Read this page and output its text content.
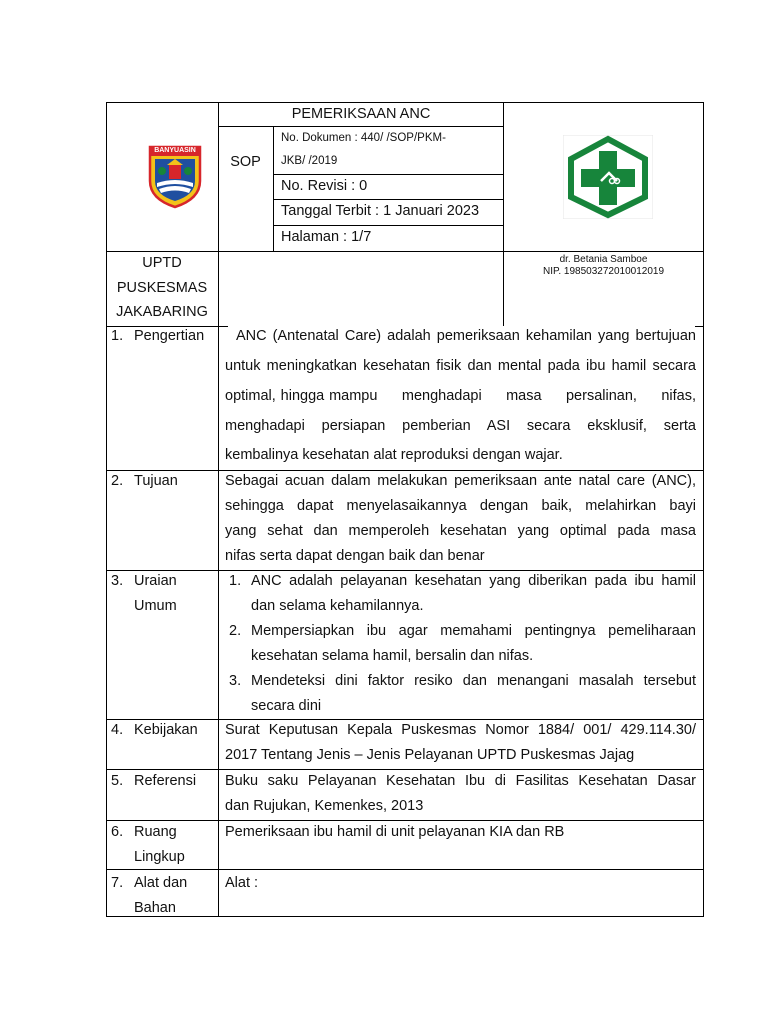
PEMERIKSAAN ANC
SOP
No. Dokumen : 440/ /SOP/PKM-
JKB/ /2019
No. Revisi : 0
Tanggal Terbit : 1 Januari 2023
Halaman : 1/7
BANYUASIN
UPTD
PUSKESMAS
JAKABARING
dr. Betania Samboe
NIP. 198503272010012019
1. Pengertian ANC (Antenatal Care) adalah pemeriksaan kehamilan yang bertujuan
untuk meningkatkan kesehatan fisik dan mental pada ibu hamil secara
optimal, hingga mampu     menghadapi     masa     persalinan,     nifas,
menghadapi persiapan pemberian ASI secara eksklusif, serta
kembalinya kesehatan alat reproduksi dengan wajar.
2. Tujuan	Sebagai acuan dalam melakukan pemeriksaan ante natal care (ANC),
sehingga dapat menyelasaikannya dengan baik, melahirkan bayi
yang sehat dan memperoleh kesehatan yang optimal pada masa
nifas serta dapat dengan baik dan benar
3. Uraian
Umum
1. ANC adalah pelayanan kesehatan yang diberikan pada ibu hamil
dan selama kehamilannya.
2. Mempersiapkan ibu agar memahami pentingnya pemeliharaan
kesehatan selama hamil, bersalin dan nifas.
3. Mendeteksi dini faktor resiko dan menangani masalah tersebut
secara dini
4. Kebijakan Surat Keputusan Kepala Puskesmas Nomor 1884/ 001/ 429.114.30/
2017 Tentang Jenis – Jenis Pelayanan UPTD Puskesmas Jajag
5. Referensi Buku saku Pelayanan Kesehatan Ibu di Fasilitas Kesehatan Dasar
dan Rujukan, Kemenkes, 2013
6. Ruang
Lingkup
Pemeriksaan ibu hamil di unit pelayanan KIA dan RB
7. Alat dan
Bahan
Alat :
